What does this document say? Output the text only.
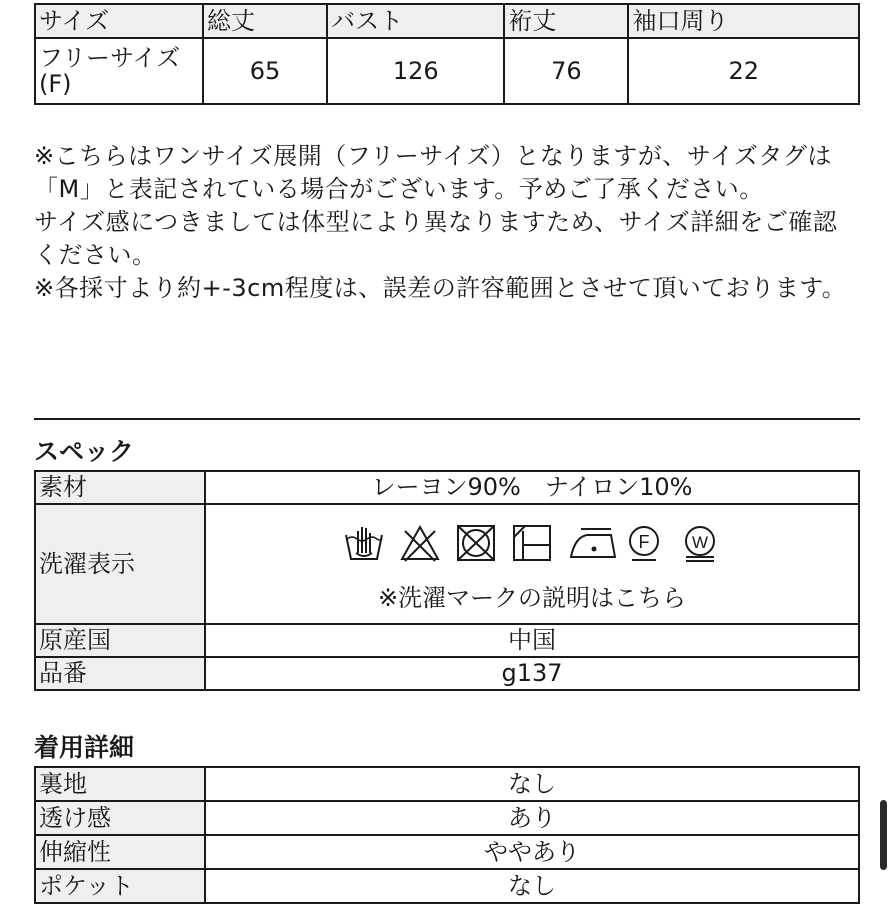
サイズ	総丈	バスト	裄丈	袖口周り
フリーサイズ(F)	65	126	76	22

※こちらはワンサイズ展開（フリーサイズ）となりますが、サイズタグは「M」と表記されている場合がございます。予めご了承ください。

サイズ感につきましては体型により異なりますため、サイズ詳細をご確認ください。

※各採寸より約+-3cm程度は、誤差の許容範囲とさせて頂いております。

スペック
素材	レーヨン90%　ナイロン10%
洗濯表示	F W
※洗濯マークの説明はこちら

原産国	中国
品番	g137
着用詳細
裏地	なし
透け感	あり
伸縮性	ややあり
ポケット	なし
